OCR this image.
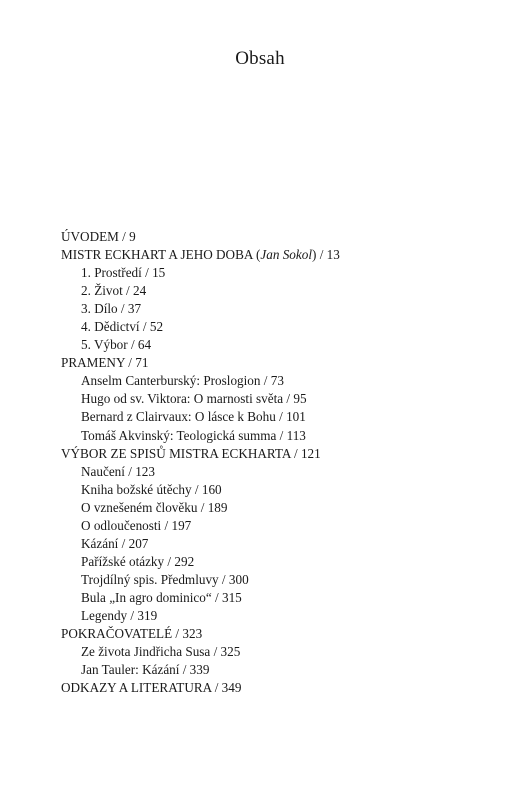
Obsah
ÚVODEM / 9
MISTR ECKHART A JEHO DOBA (Jan Sokol) / 13
1. Prostředí / 15
2. Život / 24
3. Dílo / 37
4. Dědictví / 52
5. Výbor / 64
PRAMENY / 71
Anselm Canterburský: Proslogion / 73
Hugo od sv. Viktora: O marnosti světa / 95
Bernard z Clairvaux: O lásce k Bohu / 101
Tomáš Akvinský: Teologická summa / 113
VÝBOR ZE SPISŮ MISTRA ECKHARTA / 121
Naučení / 123
Kniha božské útěchy / 160
O vznešeném člověku / 189
O odloučenosti / 197
Kázání / 207
Pařížské otázky / 292
Trojdílný spis. Předmluvy / 300
Bula „In agro dominico“ / 315
Legendy / 319
POKRAČOVATELÉ / 323
Ze života Jindřicha Susa / 325
Jan Tauler: Kázání / 339
ODKAZY A LITERATURA / 349
